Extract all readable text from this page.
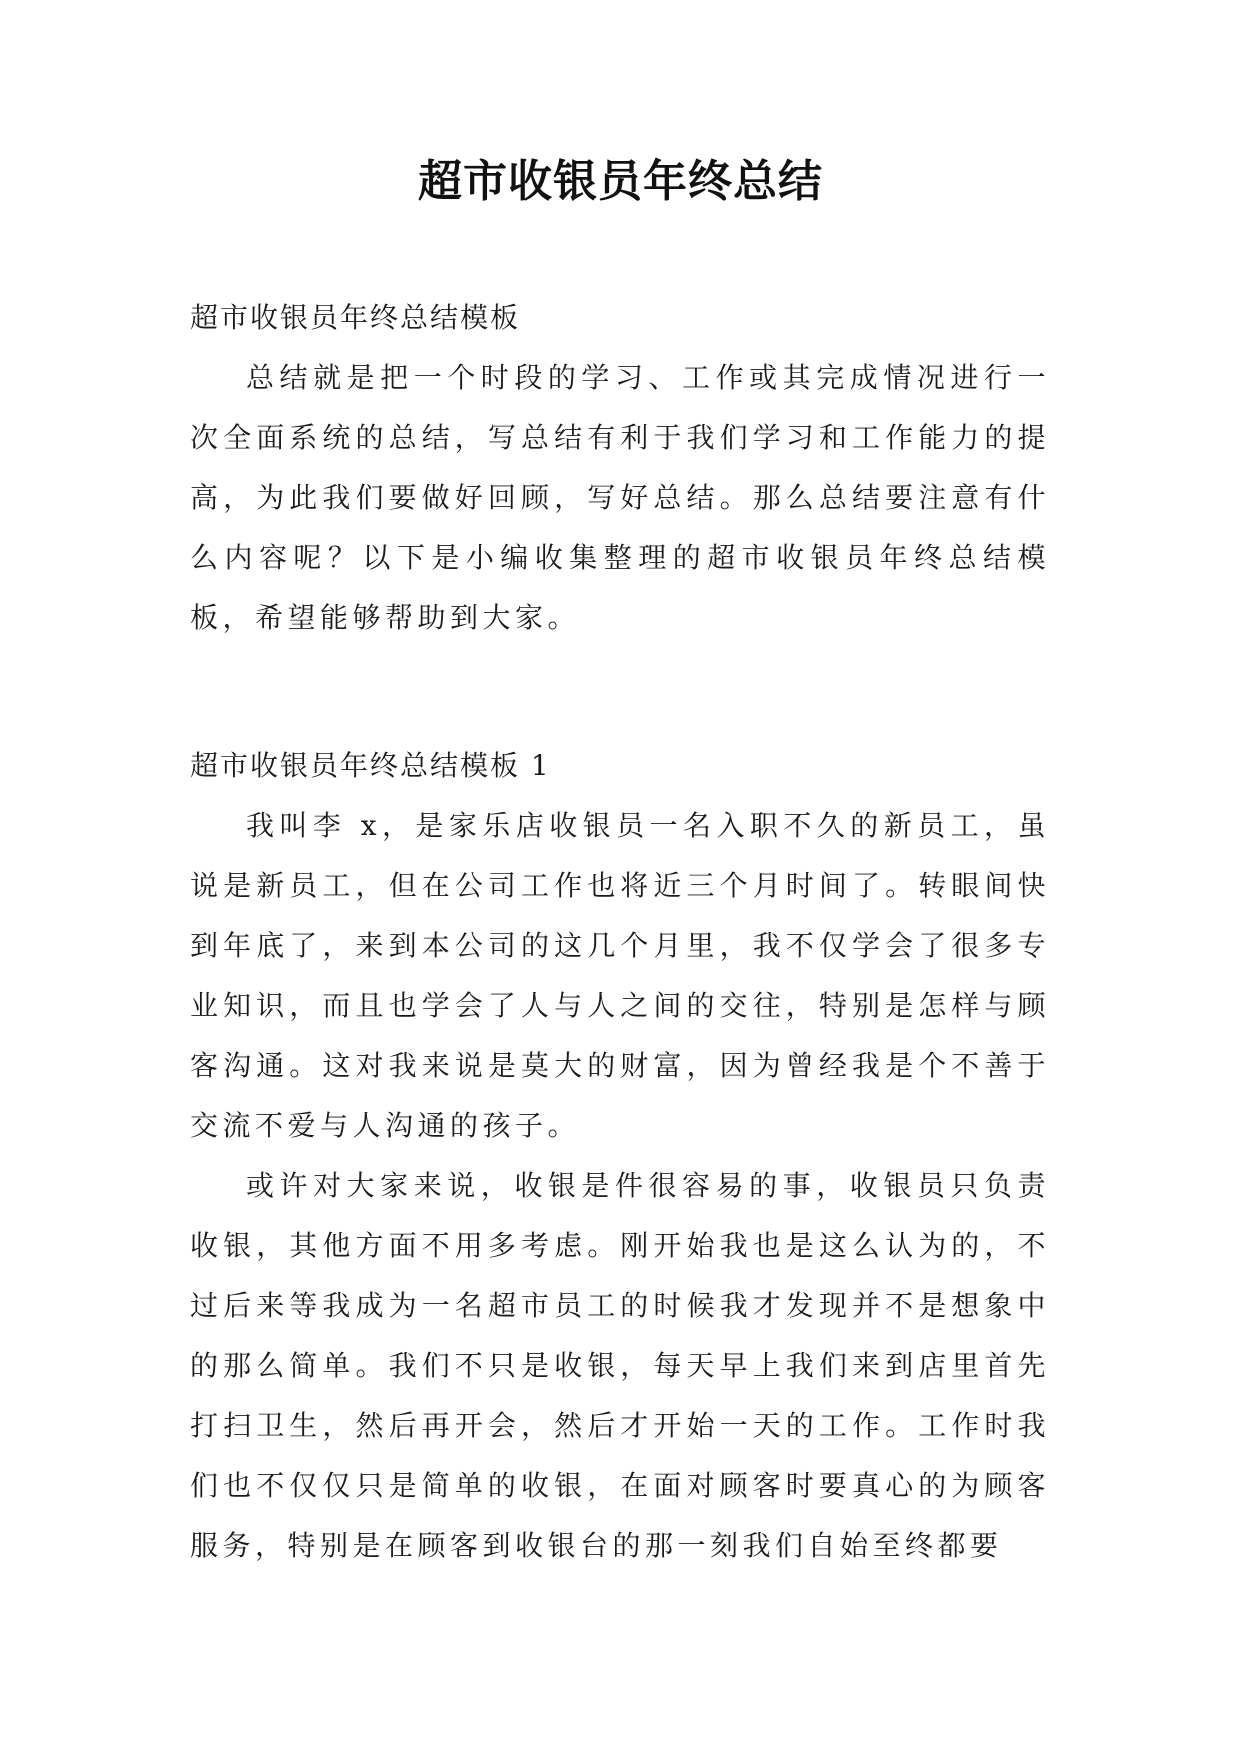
超市收银员年终总结
超市收银员年终总结模板

总结就是把一个时段的学习、工作或其完成情况进行一次全面系统的总结，写总结有利于我们学习和工作能力的提高，为此我们要做好回顾，写好总结。那么总结要注意有什么内容呢？以下是小编收集整理的超市收银员年终总结模板，希望能够帮助到大家。

超市收银员年终总结模板 1

我叫李 x，是家乐店收银员一名入职不久的新员工，虽说是新员工，但在公司工作也将近三个月时间了。转眼间快到年底了，来到本公司的这几个月里，我不仅学会了很多专业知识，而且也学会了人与人之间的交往，特别是怎样与顾客沟通。这对我来说是莫大的财富，因为曾经我是个不善于交流不爱与人沟通的孩子。

或许对大家来说，收银是件很容易的事，收银员只负责收银，其他方面不用多考虑。刚开始我也是这么认为的，不过后来等我成为一名超市员工的时候我才发现并不是想象中的那么简单。我们不只是收银，每天早上我们来到店里首先打扫卫生，然后再开会，然后才开始一天的工作。工作时我们也不仅仅只是简单的收银，在面对顾客时要真心的为顾客服务，特别是在顾客到收银台的那一刻我们自始至终都要
